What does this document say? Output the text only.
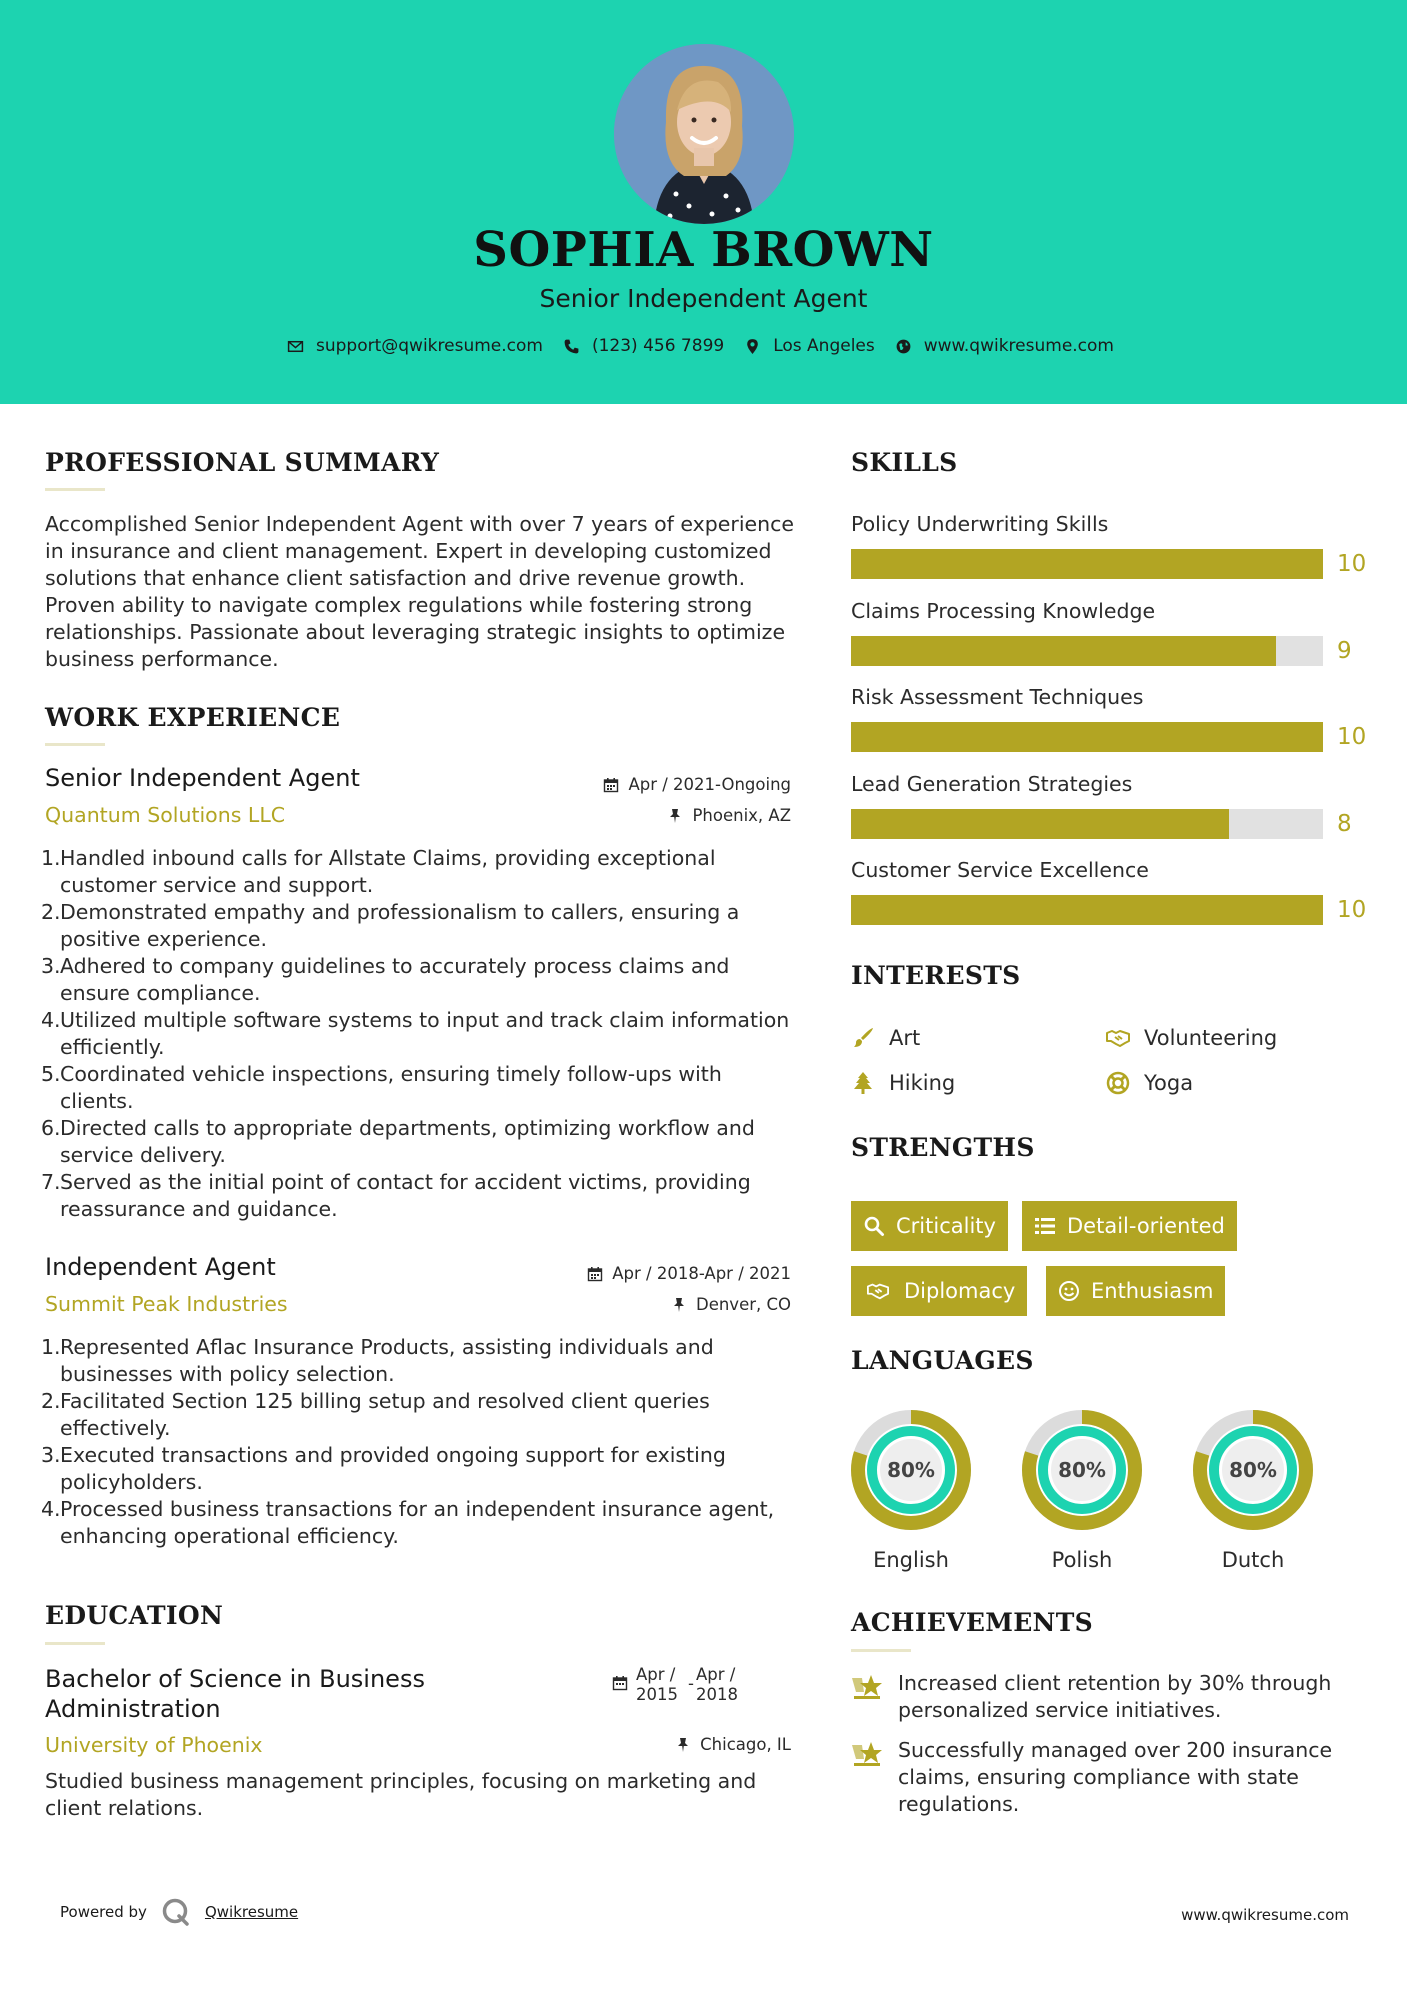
SOPHIA BROWN
Senior Independent Agent
support@qwikresume.com	(123) 456 7899	Los Angeles	www.qwikresume.com
PROFESSIONAL SUMMARY
Accomplished Senior Independent Agent with over 7 years of experience in insurance and client management. Expert in developing customized solutions that enhance client satisfaction and drive revenue growth. Proven ability to navigate complex regulations while fostering strong relationships. Passionate about leveraging strategic insights to optimize business performance.
WORK EXPERIENCE
Senior Independent Agent	Apr / 2021-Ongoing
Quantum Solutions LLC	Phoenix, AZ
1. Handled inbound calls for Allstate Claims, providing exceptional customer service and support.
2. Demonstrated empathy and professionalism to callers, ensuring a positive experience.
3. Adhered to company guidelines to accurately process claims and ensure compliance.
4. Utilized multiple software systems to input and track claim information efficiently.
5. Coordinated vehicle inspections, ensuring timely follow-ups with clients.
6. Directed calls to appropriate departments, optimizing workflow and service delivery.
7. Served as the initial point of contact for accident victims, providing reassurance and guidance.
Independent Agent	Apr / 2018-Apr / 2021
Summit Peak Industries	Denver, CO
1. Represented Aflac Insurance Products, assisting individuals and businesses with policy selection.
2. Facilitated Section 125 billing setup and resolved client queries effectively.
3. Executed transactions and provided ongoing support for existing policyholders.
4. Processed business transactions for an independent insurance agent, enhancing operational efficiency.
EDUCATION
Bachelor of Science in Business Administration
Apr / 2015
- Apr / 2018
University of Phoenix	Chicago, IL
Studied business management principles, focusing on marketing and client relations.
SKILLS
Policy Underwriting Skills
10
Claims Processing Knowledge
9
Risk Assessment Techniques
10
Lead Generation Strategies
8
Customer Service Excellence
10
INTERESTS
Art	Volunteering
Hiking	Yoga
STRENGTHS
Criticality	Detail-oriented
Diplomacy	Enthusiasm
LANGUAGES
80%
English
80%
Polish
80%
Dutch
ACHIEVEMENTS
Increased client retention by 30% through personalized service initiatives.
Successfully managed over 200 insurance claims, ensuring compliance with state regulations.
Powered by	Qwikresume	www.qwikresume.com
